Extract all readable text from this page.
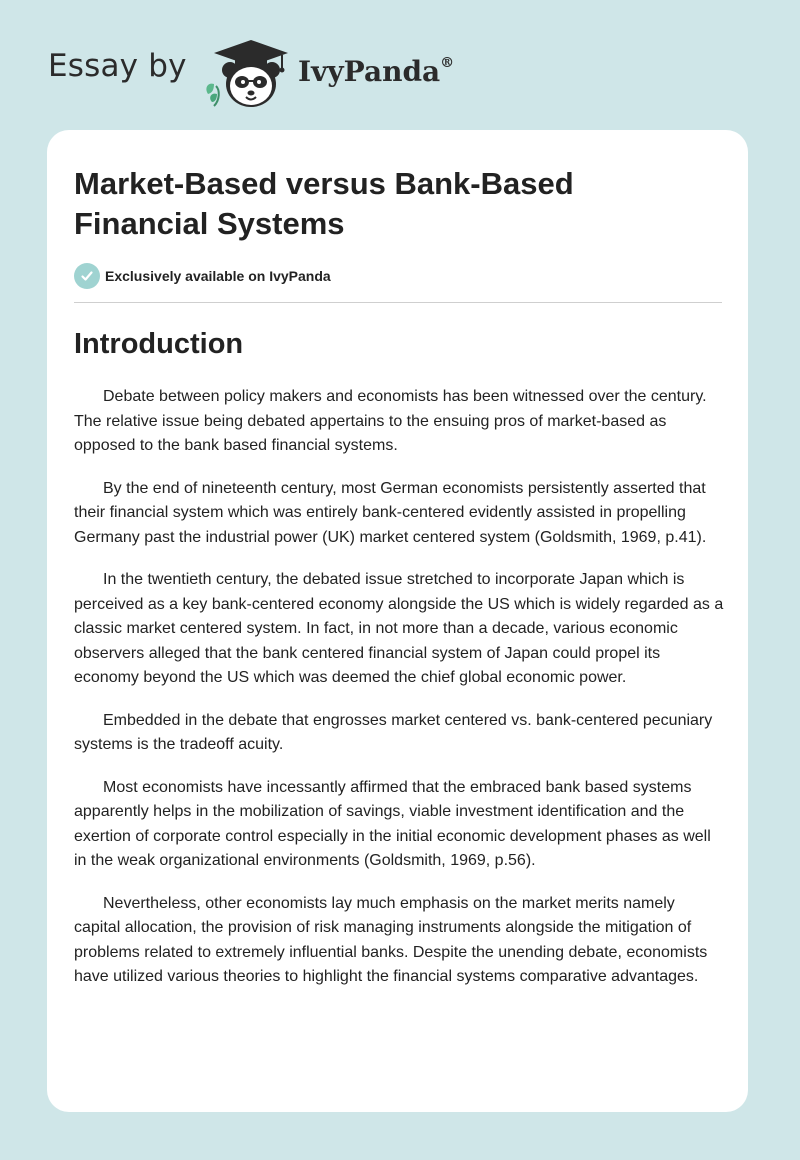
Essay by	IvyPanda®
Market-Based versus Bank-Based Financial Systems
Exclusively available on IvyPanda
Introduction

Debate between policy makers and economists has been witnessed over the century. The relative issue being debated appertains to the ensuing pros of market-based as opposed to the bank based financial systems.

By the end of nineteenth century, most German economists persistently asserted that their financial system which was entirely bank-centered evidently assisted in propelling Germany past the industrial power (UK) market centered system (Goldsmith, 1969, p.41).

In the twentieth century, the debated issue stretched to incorporate Japan which is perceived as a key bank-centered economy alongside the US which is widely regarded as a classic market centered system. In fact, in not more than a decade, various economic observers alleged that the bank centered financial system of Japan could propel its economy beyond the US which was deemed the chief global economic power.

Embedded in the debate that engrosses market centered vs. bank-centered pecuniary systems is the tradeoff acuity.

Most economists have incessantly affirmed that the embraced bank based systems apparently helps in the mobilization of savings, viable investment identification and the exertion of corporate control especially in the initial economic development phases as well in the weak organizational environments (Goldsmith, 1969, p.56).

Nevertheless, other economists lay much emphasis on the market merits namely capital allocation, the provision of risk managing instruments alongside the mitigation of problems related to extremely influential banks. Despite the unending debate, economists have utilized various theories to highlight the financial systems comparative advantages.
